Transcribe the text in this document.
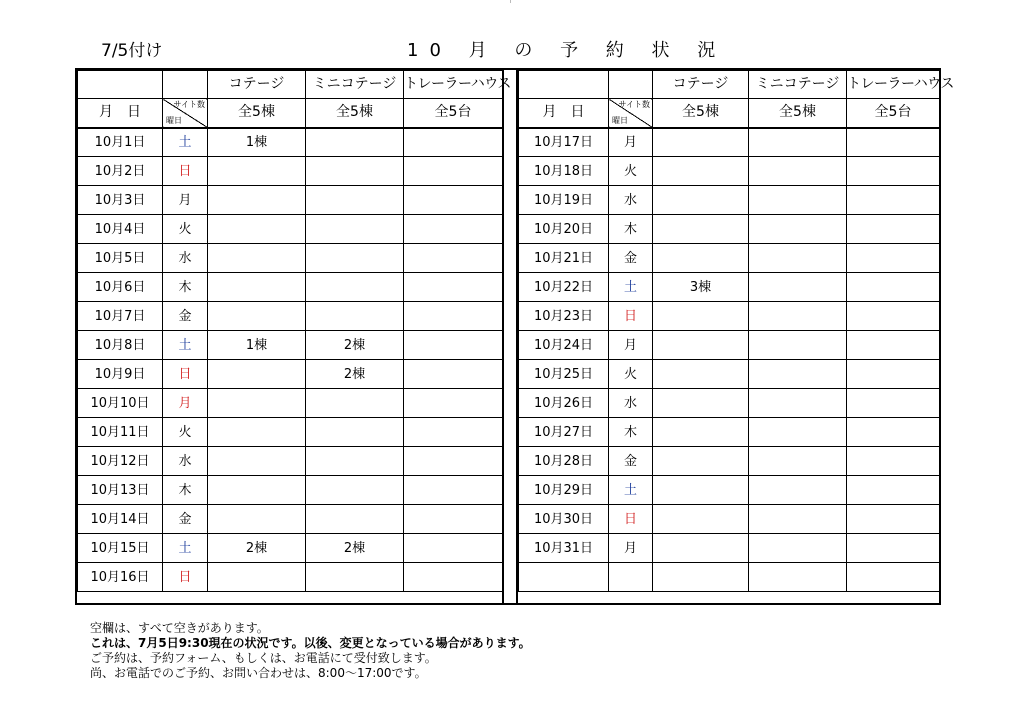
7/5付け	10 月 の 予 約 状 況
		コテージ	ミニコテージ	トレーラーハウス
月　日	サイト数
曜日	全5棟	全5棟	全5台
10月1日	土	1棟		
10月2日	日			
10月3日	月			
10月4日	火			
10月5日	水			
10月6日	木			
10月7日	金			
10月8日	土	1棟	2棟	
10月9日	日		2棟	
10月10日	月			
10月11日	火			
10月12日	水			
10月13日	木			
10月14日	金			
10月15日	土	2棟	2棟	
10月16日	日			
		コテージ	ミニコテージ	トレーラーハウス
月　日	サイト数
曜日	全5棟	全5棟	全5台
10月17日	月			
10月18日	火			
10月19日	水			
10月20日	木			
10月21日	金			
10月22日	土	3棟		
10月23日	日			
10月24日	月			
10月25日	火			
10月26日	水			
10月27日	木			
10月28日	金			
10月29日	土			
10月30日	日			
10月31日	月			

空欄は、すべて空きがあります。
これは、7月5日9:30現在の状況です。以後、変更となっている場合があります。
ご予約は、予約フォーム、もしくは、お電話にて受付致します。
尚、お電話でのご予約、お問い合わせは、8:00～17:00です。
